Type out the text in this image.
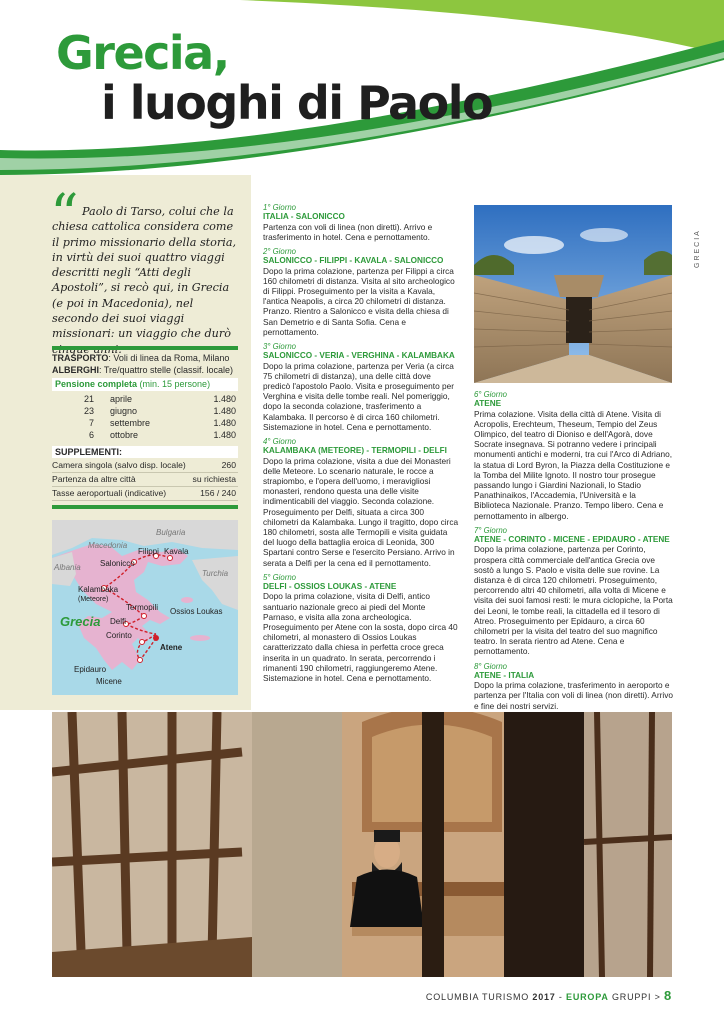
Grecia,
i luoghi di Paolo
GRECIA
“ Paolo di Tarso, colui che la chiesa cattolica considera come il primo missionario della storia, in virtù dei suoi quattro viaggi descritti negli “Atti degli Apostoli”, si recò qui, in Grecia (e poi in Macedonia), nel secondo dei suoi viaggi missionari: un viaggio che durò
TRASPORTO: Voli di linea da Roma, Milano
ALBERGHI: Tre/quattro stelle (classif. locale)
Pensione completa (min. 15 persone)
21 aprile	1.480
23 giugno	1.480
7 settembre	1.480
6 ottobre	1.480
SUPPLEMENTI:
Camera singola (salvo disp. locale)	260
Partenza da altre città	su richiesta
Tasse aeroportuali (indicative)	156 / 240
Bulgaria
Macedonia
Filippi Kavala
Salonicco
Albania
Turchia
Kalambaka
(Meteore)
Termopili Ossios Loukas
Grecia Delfi
Corinto
Atene
Epidauro
Micene
1° Giorno
ITALIA - SALONICCO

Partenza con voli di linea (non diretti). Arrivo e trasferimento in hotel. Cena e pernottamento.

2° Giorno
SALONICCO - FILIPPI - KAVALA - SALONICCO

Dopo la prima colazione, partenza per Filippi a circa 160 chilometri di distanza. Visita al sito archeologico di Filippi. Proseguimento per la visita a Kavala, l'antica Neapolis, a circa 20 chilometri di distanza. Pranzo. Rientro a Salonicco e visita della chiesa di San Demetrio e di Santa Sofia. Cena e pernottamento.

3° Giorno
SALONICCO - VERIA - VERGHINA - KALAMBAKA

Dopo la prima colazione, partenza per Veria (a circa 75 chilometri di distanza), una delle città dove predicò l'apostolo Paolo. Visita e proseguimento per Verghina e visita delle tombe reali. Nel pomeriggio, dopo la seconda colazione, trasferimento a Kalambaka. Il percorso è di circa 160 chilometri. Sistemazione in hotel. Cena e pernottamento.

4° Giorno
KALAMBAKA (METEORE) - TERMOPILI - DELFI

Dopo la prima colazione, visita a due dei Monasteri delle Meteore. Lo scenario naturale, le rocce a strapiombo, e l'opera dell'uomo, i meravigliosi monasteri, rendono questa una delle visite indimenticabili del viaggio. Seconda colazione. Proseguimento per Delfi, situata a circa 300 chilometri da Kalambaka. Lungo il tragitto, dopo circa 180 chilometri, sosta alle Termopili e visita guidata del luogo della battaglia eroica di Leonida, 300 Spartani contro Serse e l'esercito Persiano. Arrivo in serata a Delfi per la cena ed il pernottamento.

5° Giorno
DELFI - OSSIOS LOUKAS - ATENE

Dopo la prima colazione, visita di Delfi, antico santuario nazionale greco ai piedi del Monte Parnaso, e visita alla zona archeologica. Proseguimento per Atene con la sosta, dopo circa 40 chilometri, al monastero di Ossios Loukas caratterizzato dalla chiesa in perfetta croce greca inserita in un quadrato. In serata, percorrendo i rimanenti 190 chilometri, raggiungeremo Atene. Sistemazione in hotel. Cena e pernottamento.

6° Giorno
ATENE

Prima colazione. Visita della città di Atene. Visita di Acropolis, Erechteum, Theseum, Tempio del Zeus Olimpico, del teatro di Dioniso e dell'Agorà, dove Socrate insegnava. Si potranno vedere i principali monumenti antichi e moderni, tra cui l'Arco di Adriano, la statua di Lord Byron, la Piazza della Costituzione e la Tomba del Milite Ignoto. Il nostro tour prosegue passando lungo i Giardini Nazionali, lo Stadio Panathinaikos, l'Accademia, l'Università e la Biblioteca Nazionale. Pranzo. Tempo libero. Cena e pernottamento in albergo.

7° Giorno
ATENE - CORINTO - MICENE - EPIDAURO - ATENE

Dopo la prima colazione, partenza per Corinto, prospera città commerciale dell'antica Grecia ove sostò a lungo S. Paolo e visita delle sue rovine. La distanza è di circa 120 chilometri. Proseguimento, percorrendo altri 40 chilometri, alla volta di Micene e visita dei suoi famosi resti: le mura ciclopiche, la Porta dei Leoni, le tombe reali, la cittadella ed il tesoro di Atreo. Proseguimento per Epidauro, a circa 60 chilometri per la visita del teatro del suo magnifico teatro. In serata rientro ad Atene. Cena e pernottamento.

8° Giorno
ATENE - ITALIA

Dopo la prima colazione, trasferimento in aeroporto e partenza per l'Italia con voli di linea (non diretti). Arrivo e fine dei nostri servizi.

COLUMBIA TURISMO 2017 - EUROPA GRUPPI > 8
